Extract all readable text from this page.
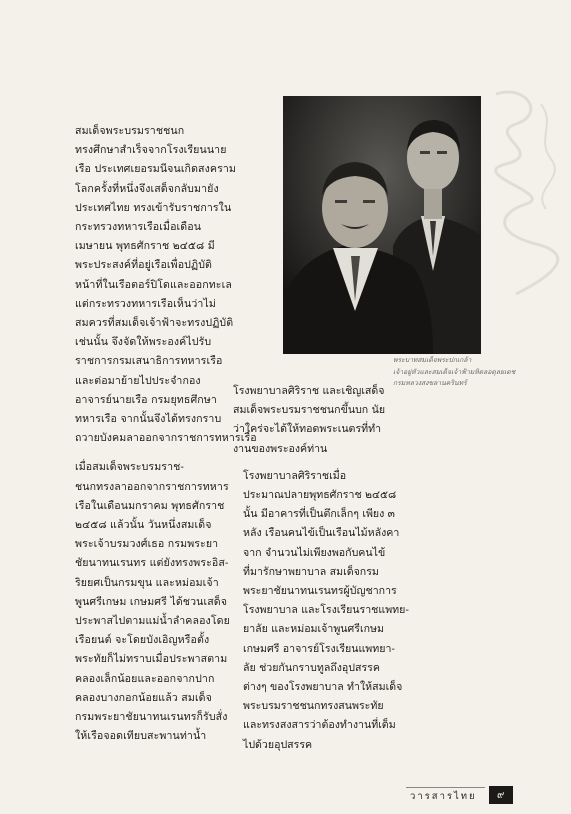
สมเด็จพระบรมราชชนก
ทรงศึกษาสำเร็จจากโรงเรียนนาย
เรือ ประเทศเยอรมนีจนเกิดสงคราม
โลกครั้งที่หนึ่งจึงเสด็จกลับมายัง
ประเทศไทย ทรงเข้ารับราชการใน
กระทรวงทหารเรือเมื่อเดือน
เมษายน พุทธศักราช ๒๔๕๘ มี
พระประสงค์ที่อยู่เรือเพื่อปฏิบัติ
หน้าที่ในเรือตอร์ปิโดและออกทะเล
แต่กระทรวงทหารเรือเห็นว่าไม่
สมควรที่สมเด็จเจ้าฟ้าจะทรงปฏิบัติ
เช่นนั้น จึงจัดให้พระองค์ไปรับ
ราชการกรมเสนาธิการทหารเรือ
และต่อมาย้ายไปประจำกอง
อาจารย์นายเรือ กรมยุทธศึกษา
ทหารเรือ จากนั้นจึงได้ทรงกราบ
ถวายบังคมลาออกจากราชการทหารเรือ

เมื่อสมเด็จพระบรมราช-
ชนกทรงลาออกจากราชการทหาร
เรือในเดือนมกราคม พุทธศักราช
๒๔๕๘ แล้วนั้น วันหนึ่งสมเด็จ
พระเจ้าบรมวงศ์เธอ กรมพระยา
ชัยนาทนเรนทร แต่ยังทรงพระอิส-
ริยยศเป็นกรมขุน และหม่อมเจ้า
พูนศรีเกษม เกษมศรี ได้ชวนเสด็จ
ประพาสไปตามแม่น้ำลำคลองโดย
เรือยนต์ จะโดยบังเอิญหรือตั้ง
พระทัยก็ไม่ทราบเมื่อประพาสตาม
คลองเล็กน้อยและออกจากปาก
คลองบางกอกน้อยแล้ว สมเด็จ
กรมพระยาชัยนาทนเรนทรก็รับสั่ง
ให้เรือจอดเทียบสะพานท่าน้ำ

พระบาทสมเด็จพระปกเกล้า
เจ้าอยู่หัวและสมเด็จเจ้าฟ้ามหิดลอดุลยเดช
กรมหลวงสงขลานครินทร์

โรงพยาบาลศิริราช และเชิญเสด็จ
สมเด็จพระบรมราชชนกขึ้นบก นัย
ว่าใคร่จะได้ให้ทอดพระเนตรที่ทำ
งานของพระองค์ท่าน

โรงพยาบาลศิริราชเมื่อ
ประมาณปลายพุทธศักราช ๒๔๕๘
นั้น มีอาคารที่เป็นตึกเล็กๆ เพียง ๓
หลัง เรือนคนไข้เป็นเรือนไม้หลังคา
จาก จำนวนไม่เพียงพอกับคนไข้
ที่มารักษาพยาบาล สมเด็จกรม
พระยาชัยนาทนเรนทรผู้บัญชาการ
โรงพยาบาล และโรงเรียนราชแพทย-
ยาลัย และหม่อมเจ้าพูนศรีเกษม
เกษมศรี อาจารย์โรงเรียนแพทยา-
ลัย ช่วยกันกราบทูลถึงอุปสรรค
ต่างๆ ของโรงพยาบาล ทำให้สมเด็จ
พระบรมราชชนกทรงสนพระทัย
และทรงสงสารว่าต้องทำงานที่เต็ม
ไปด้วยอุปสรรค

วารสารไทย	๙
